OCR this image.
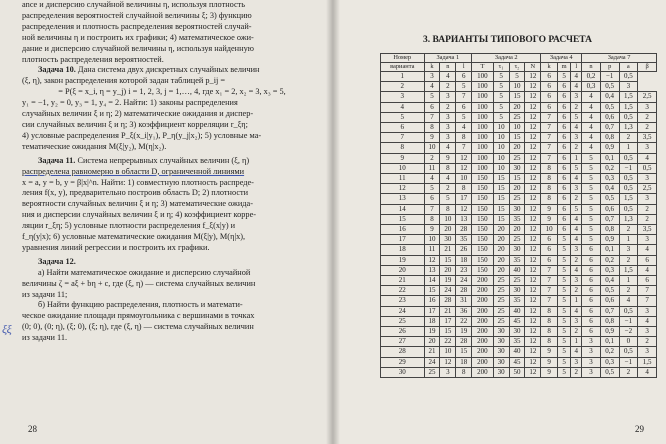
ance и дисперсию случайной величины η, используя плотность

распределения вероятностей случайной величины ξ; 3) функцию

распределения и плотность распределения вероятностей случай-

ной величины η и построить их графики; 4) математическое ожи-

дание и дисперсию случайной величины η, используя найденную

плотность распределения вероятностей.

Задача 10. Дана система двух дискретных случайных величин

(ξ, η), закон распределения которой задан таблицей p_ij =

= P(ξ = x_i, η = y_j) i = 1, 2, 3, j = 1,…, 4, где x₁ = 2, x₂ = 3, x₃ = 5,

y₁ = −1, y₂ = 0, y₃ = 1, y₄ = 2. Найти: 1) законы распределения

случайных величин ξ и η; 2) математические ожидания и диспер-

сии случайных величин ξ и η; 3) коэффициент корреляции r_ξη;

4) условные распределения P_ξ(x_i|y₁), P_η(y_j|x₂); 5) условные ма-

тематические ожидания M(ξ|y₂), M(η|x₂).

Задача 11. Система непрерывных случайных величин (ξ, η)

распределена равномерно в области D, ограниченной линиями

x = a, y = b, y = β|x|^n. Найти: 1) совместную плотность распреде-

ления f(x, y), предварительно построив область D; 2) плотности

вероятности случайных величин ξ и η; 3) математические ожида-

ния и дисперсии случайных величин ξ и η; 4) коэффициент корре-

ляции r_ξη; 5) условные плотности распределения f_ξ(x|y) и

f_η(y|x); 6) условные математические ожидания M(ξ|y), M(η|x),

уравнения линий регрессии и построить их графики.

Задача 12.

а) Найти математическое ожидание и дисперсию случайной

величины ζ = aξ + bη + c, где (ξ, η) — система случайных величин

из задачи 11;

б) Найти функцию распределения, плотность и математи-

ческое ожидание площади прямоугольника с вершинами в точках

(0; 0), (0; η), (ξ; 0), (ξ; η), где (ξ, η) — система случайных величин

из задачи 11.

ξξ
28
3. ВАРИАНТЫ ТИПОВОГО РАСЧЕТА
Номер	Задача 1			Задача 2				Задача 4			Задача 7			
варианта	k	n	l	T	τ₁	τ₂	N	k	m	l	n	p	a	β
1	3	4	6	100	5	5	12	6	5	4	0,2	−1	0,5	
2	4	2	5	100	5	10	12	6	6	4	0,3	0,5	3	
3	5	3	7	100	5	15	12	6	6	3	4	0,4	1,5	2,5
4	6	2	6	100	5	20	12	6	6	2	4	0,5	1,5	3
5	7	3	5	100	5	25	12	7	6	5	4	0,6	0,5	2
6	8	3	4	100	10	10	12	7	6	4	4	0,7	1,3	2
7	9	3	8	100	10	15	12	7	6	3	4	0,8	2	3,5
8	10	4	7	100	10	20	12	7	6	2	4	0,9	1	3
9	2	9	12	100	10	25	12	7	6	1	5	0,1	0,5	4
10	11	8	12	100	10	30	12	8	6	5	5	0,2	−1	0,5
11	4	4	10	150	15	15	12	8	6	4	5	0,3	0,5	3
12	5	2	8	150	15	20	12	8	6	3	5	0,4	0,5	2,5
13	6	5	17	150	15	25	12	8	6	2	5	0,5	1,5	3
14	7	8	12	150	15	30	12	9	6	5	5	0,6	0,5	2
15	8	10	13	150	15	35	12	9	6	4	5	0,7	1,3	2
16	9	20	28	150	20	20	12	10	6	4	5	0,8	2	3,5
17	10	30	35	150	20	25	12	6	5	4	5	0,9	1	3
18	11	21	26	150	20	30	12	6	5	3	6	0,1	3	4
19	12	15	18	150	20	35	12	6	5	2	6	0,2	2	6
20	13	20	23	150	20	40	12	7	5	4	6	0,3	1,5	4
21	14	19	24	200	25	25	12	7	5	3	6	0,4	1	6
22	15	24	28	200	25	30	12	7	5	2	6	0,5	2	7
23	16	28	31	200	25	35	12	7	5	1	6	0,6	4	7
24	17	21	36	200	25	40	12	8	5	4	6	0,7	0,5	3
25	18	17	22	200	25	45	12	8	5	3	6	0,8	−1	4
26	19	15	19	200	30	30	12	8	5	2	6	0,9	−2	3
27	20	22	28	200	30	35	12	8	5	1	3	0,1	0	2
28	21	10	15	200	30	40	12	9	5	4	3	0,2	0,5	3
29	24	12	18	200	30	45	12	9	5	3	3	0,3	−1	1,5
30	25	3	8	200	30	50	12	9	5	2	3	0,5	2	4
29
